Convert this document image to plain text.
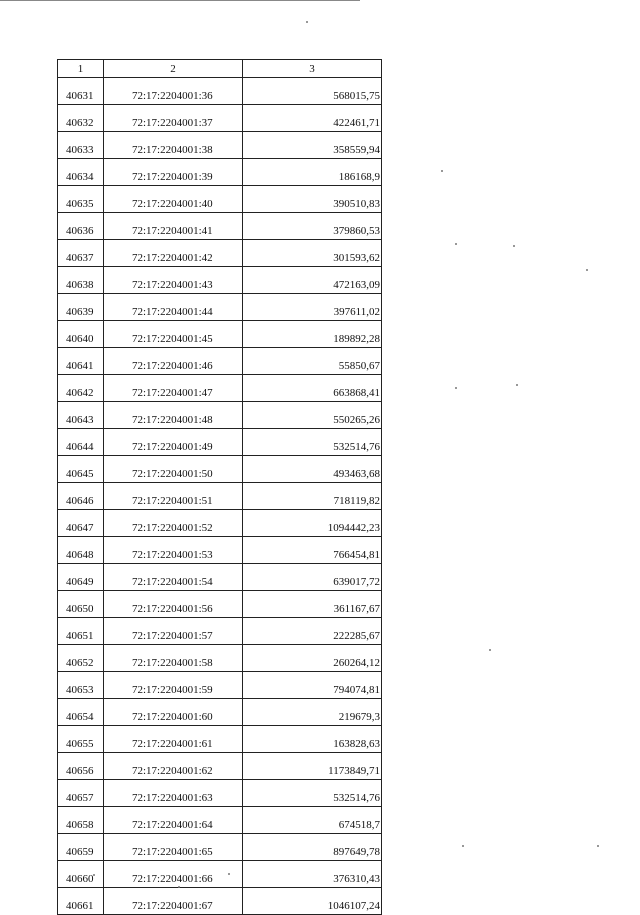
1	2	3
40631	72:17:2204001:36	568015,75
40632	72:17:2204001:37	422461,71
40633	72:17:2204001:38	358559,94
40634	72:17:2204001:39	186168,9
40635	72:17:2204001:40	390510,83
40636	72:17:2204001:41	379860,53
40637	72:17:2204001:42	301593,62
40638	72:17:2204001:43	472163,09
40639	72:17:2204001:44	397611,02
40640	72:17:2204001:45	189892,28
40641	72:17:2204001:46	55850,67
40642	72:17:2204001:47	663868,41
40643	72:17:2204001:48	550265,26
40644	72:17:2204001:49	532514,76
40645	72:17:2204001:50	493463,68
40646	72:17:2204001:51	718119,82
40647	72:17:2204001:52	1094442,23
40648	72:17:2204001:53	766454,81
40649	72:17:2204001:54	639017,72
40650	72:17:2204001:56	361167,67
40651	72:17:2204001:57	222285,67
40652	72:17:2204001:58	260264,12
40653	72:17:2204001:59	794074,81
40654	72:17:2204001:60	219679,3
40655	72:17:2204001:61	163828,63
40656	72:17:2204001:62	1173849,71
40657	72:17:2204001:63	532514,76
40658	72:17:2204001:64	674518,7
40659	72:17:2204001:65	897649,78
40660	72:17:2204001:66	376310,43
40661	72:17:2204001:67	1046107,24
